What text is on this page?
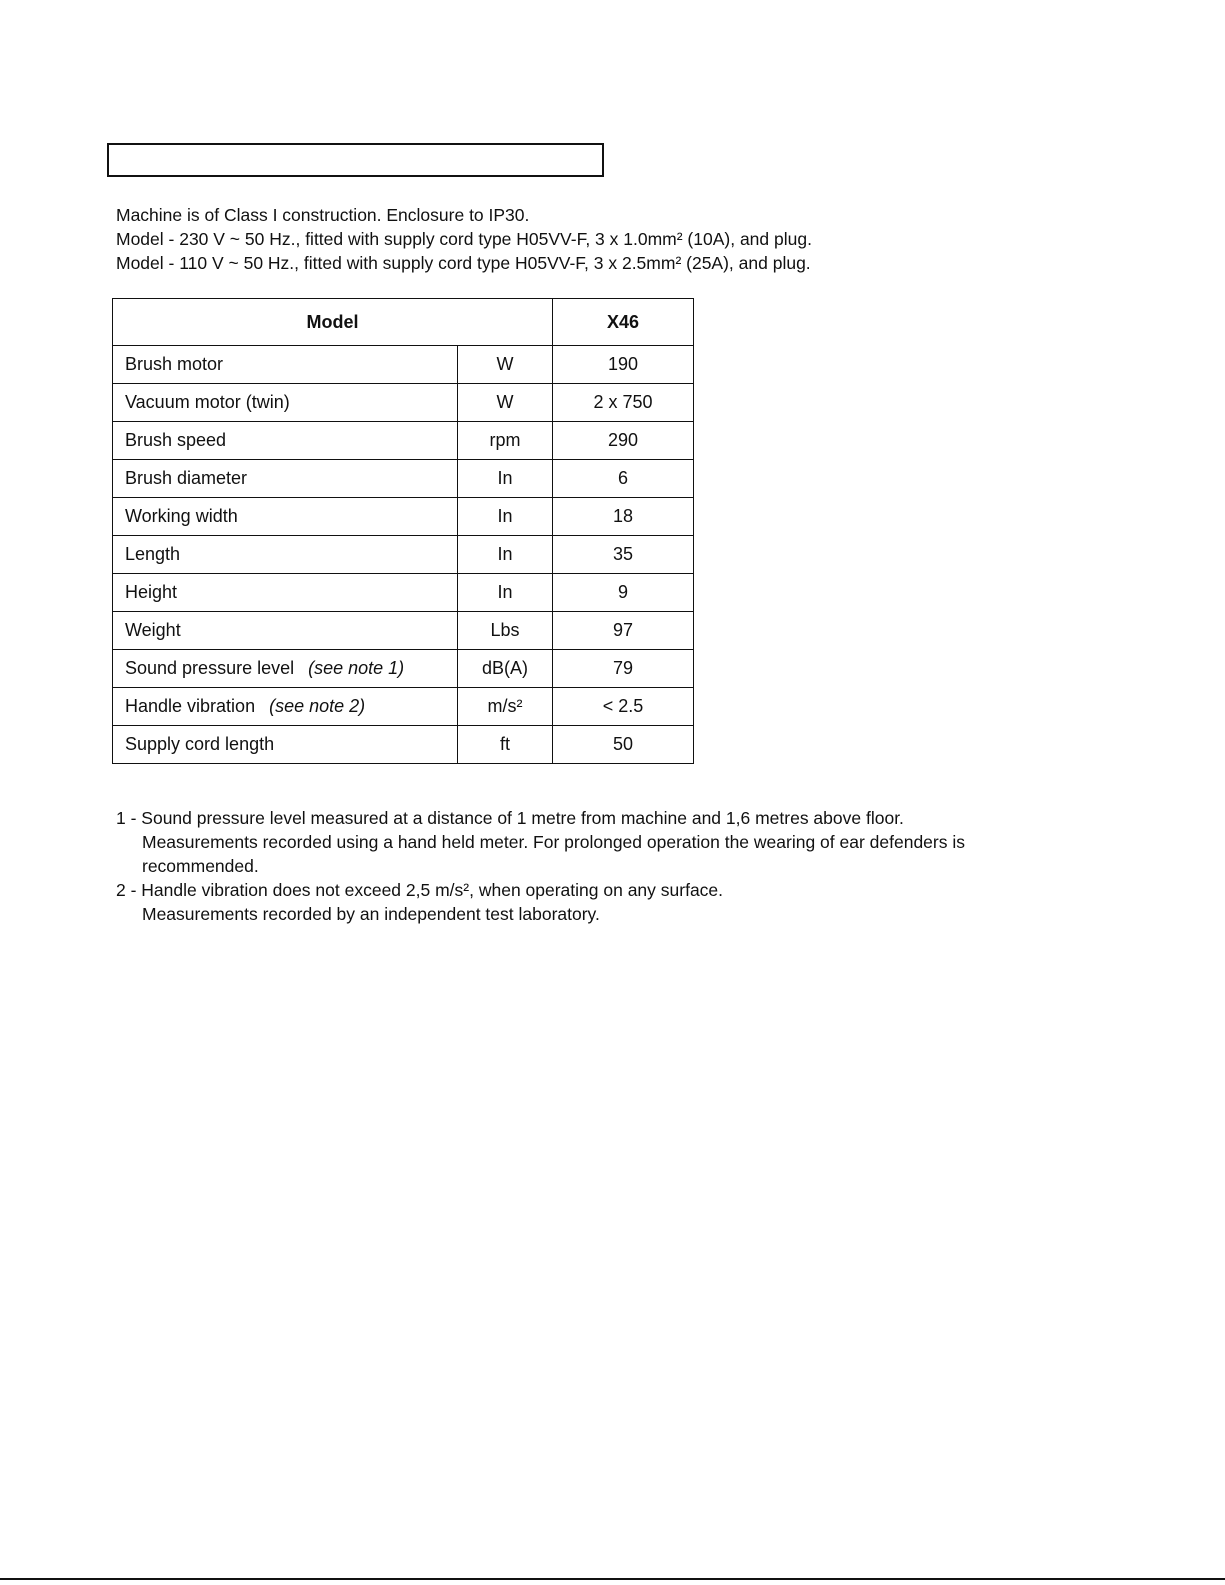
Machine is of Class I construction. Enclosure to IP30.
Model - 230 V ~ 50 Hz., fitted with supply cord type H05VV-F, 3 x 1.0mm² (10A), and plug.
Model - 110 V ~ 50 Hz., fitted with supply cord type H05VV-F, 3 x 2.5mm² (25A), and plug.
Model		X46
Brush motor	W	190
Vacuum motor (twin)	W	2 x 750
Brush speed	rpm	290
Brush diameter	In	6
Working width	In	18
Length	In	35
Height	In	9
Weight	Lbs	97
Sound pressure level (see note 1)	dB(A)	79
Handle vibration (see note 2)	m/s²	< 2.5
Supply cord length	ft	50
1 - Sound pressure level measured at a distance of 1 metre from machine and 1,6 metres above floor.
Measurements recorded using a hand held meter. For prolonged operation the wearing of ear defenders is
recommended.
2 - Handle vibration does not exceed 2,5 m/s², when operating on any surface.
Measurements recorded by an independent test laboratory.
